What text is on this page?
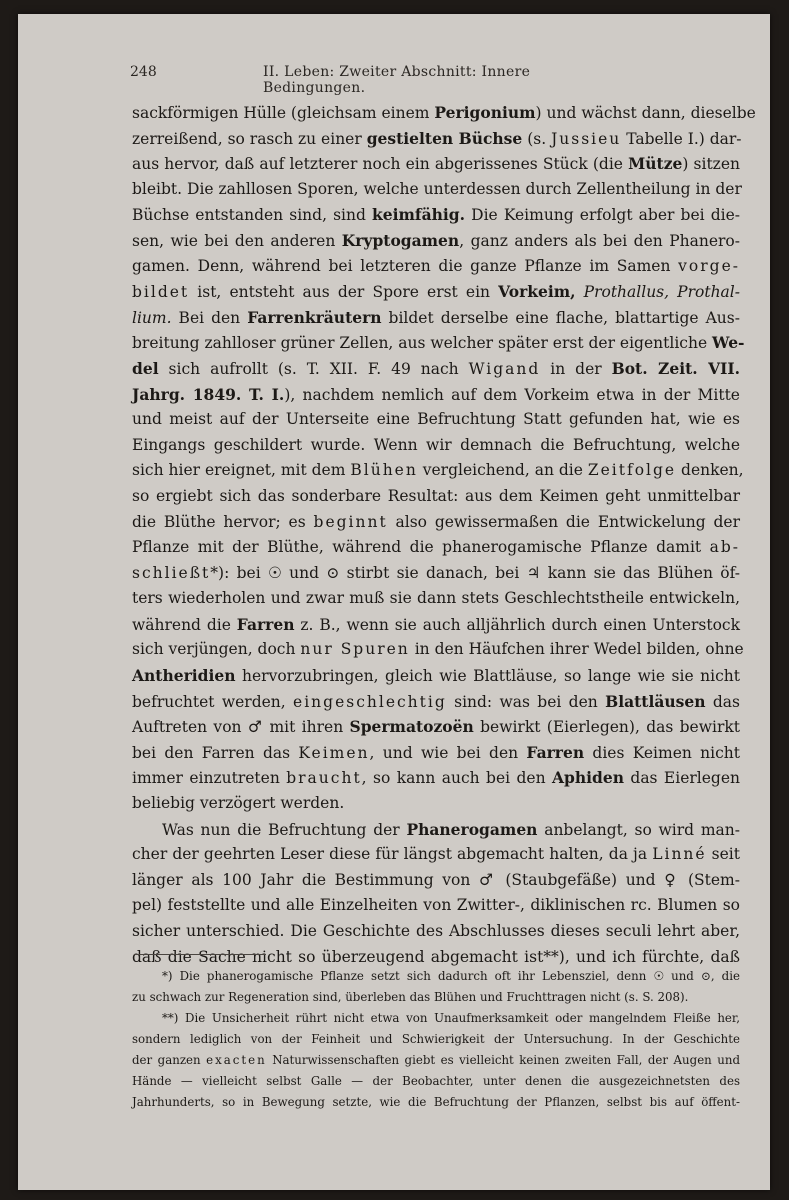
248	II. Leben: Zweiter Abschnitt: Innere Bedingungen.

sackförmigen Hülle (gleichsam einem Perigonium) und wächst dann, dieselbe
zerreißend, so rasch zu einer gestielten Büchse (s. Jussieu Tabelle I.) dar-
aus hervor, daß auf letzterer noch ein abgerissenes Stück (die Mütze) sitzen
bleibt. Die zahllosen Sporen, welche unterdessen durch Zellentheilung in der
Büchse entstanden sind, sind keimfähig. Die Keimung erfolgt aber bei die-
sen, wie bei den anderen Kryptogamen, ganz anders als bei den Phanero-
gamen. Denn, während bei letzteren die ganze Pflanze im Samen vorge-
bildet ist, entsteht aus der Spore erst ein Vorkeim, Prothallus, Prothal-
lium. Bei den Farrenkräutern bildet derselbe eine flache, blattartige Aus-
breitung zahlloser grüner Zellen, aus welcher später erst der eigentliche We-
del sich aufrollt (s. T. XII. F. 49 nach Wigand in der Bot. Zeit. VII.
Jahrg. 1849. T. I.), nachdem nemlich auf dem Vorkeim etwa in der Mitte
und meist auf der Unterseite eine Befruchtung Statt gefunden hat, wie es
Eingangs geschildert wurde. Wenn wir demnach die Befruchtung, welche
sich hier ereignet, mit dem Blühen vergleichend, an die Zeitfolge denken,
so ergiebt sich das sonderbare Resultat: aus dem Keimen geht unmittelbar
die Blüthe hervor; es beginnt also gewissermaßen die Entwickelung der
Pflanze mit der Blüthe, während die phanerogamische Pflanze damit ab-
schließt*): bei ☉ und ⊙ stirbt sie danach, bei ♃ kann sie das Blühen öf-
ters wiederholen und zwar muß sie dann stets Geschlechtstheile entwickeln,
während die Farren z. B., wenn sie auch alljährlich durch einen Unterstock
sich verjüngen, doch nur Spuren in den Häufchen ihrer Wedel bilden, ohne
Antheridien hervorzubringen, gleich wie Blattläuse, so lange wie sie nicht
befruchtet werden, eingeschlechtig sind: was bei den Blattläusen das
Auftreten von ♂ mit ihren Spermatozoën bewirkt (Eierlegen), das bewirkt
bei den Farren das Keimen, und wie bei den Farren dies Keimen nicht
immer einzutreten braucht, so kann auch bei den Aphiden das Eierlegen
beliebig verzögert werden.

Was nun die Befruchtung der Phanerogamen anbelangt, so wird man-
cher der geehrten Leser diese für längst abgemacht halten, da ja Linné seit
länger als 100 Jahr die Bestimmung von ♂ (Staubgefäße) und ♀ (Stem-
pel) feststellte und alle Einzelheiten von Zwitter-, diklinischen rc. Blumen so
sicher unterschied. Die Geschichte des Abschlusses dieses seculi lehrt aber,
daß die Sache nicht so überzeugend abgemacht ist**), und ich fürchte, daß

*) Die phanerogamische Pflanze setzt sich dadurch oft ihr Lebensziel, denn ☉ und ⊙, die
zu schwach zur Regeneration sind, überleben das Blühen und Fruchttragen nicht (s. S. 208).
**) Die Unsicherheit rührt nicht etwa von Unaufmerksamkeit oder mangelndem Fleiße her,
sondern lediglich von der Feinheit und Schwierigkeit der Untersuchung. In der Geschichte
der ganzen exacten Naturwissenschaften giebt es vielleicht keinen zweiten Fall, der Augen und
Hände — vielleicht selbst Galle — der Beobachter, unter denen die ausgezeichnetsten des
Jahrhunderts, so in Bewegung setzte, wie die Befruchtung der Pflanzen, selbst bis auf öffent-
